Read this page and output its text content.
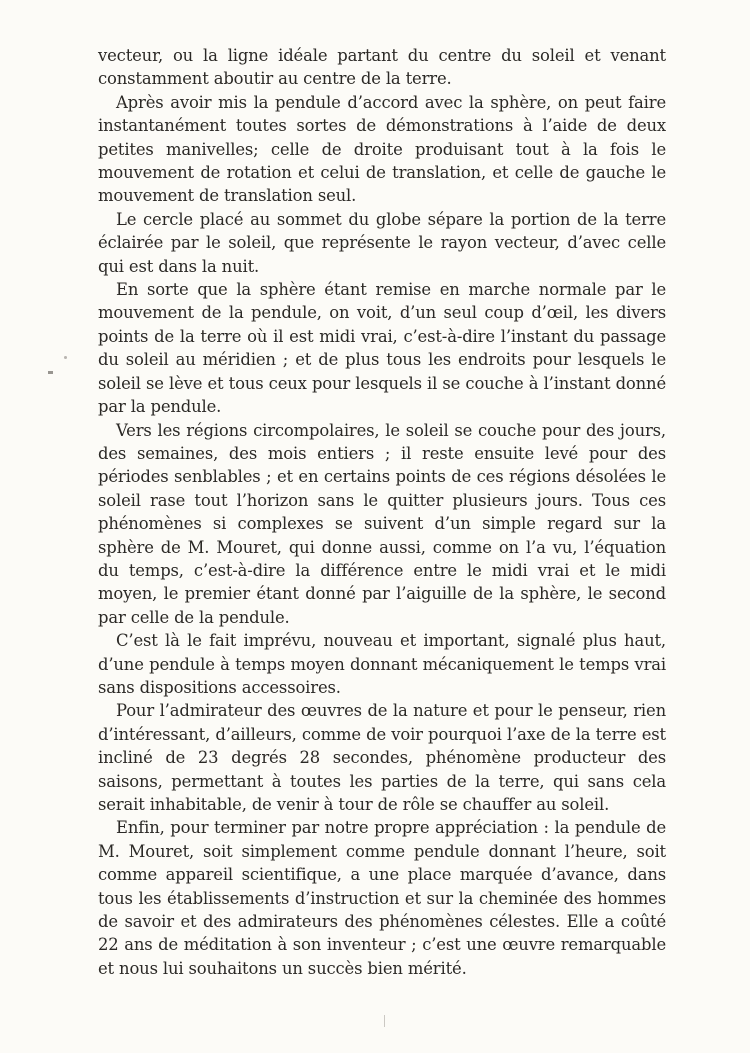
vecteur, ou la ligne idéale partant du centre du soleil et venant constamment aboutir au centre de la terre.

Après avoir mis la pendule d’accord avec la sphère, on peut faire instantanément toutes sortes de démonstrations à l’aide de deux petites manivelles; celle de droite produisant tout à la fois le mouvement de rotation et celui de translation, et celle de gauche le mouvement de translation seul.

Le cercle placé au sommet du globe sépare la portion de la terre éclairée par le soleil, que représente le rayon vecteur, d’avec celle qui est dans la nuit.

En sorte que la sphère étant remise en marche normale par le mouvement de la pendule, on voit, d’un seul coup d’œil, les divers points de la terre où il est midi vrai, c’est-à-dire l’instant du passage du soleil au méridien ; et de plus tous les endroits pour lesquels le soleil se lève et tous ceux pour lesquels il se couche à l’instant donné par la pendule.

Vers les régions circompolaires, le soleil se couche pour des jours, des semaines, des mois entiers ; il reste ensuite levé pour des périodes senblables ; et en certains points de ces régions désolées le soleil rase tout l’horizon sans le quitter plusieurs jours. Tous ces phénomènes si complexes se suivent d’un simple regard sur la sphère de M. Mouret, qui donne aussi, comme on l’a vu, l’équation du temps, c’est-à-dire la différence entre le midi vrai et le midi moyen, le premier étant donné par l’aiguille de la sphère, le second par celle de la pendule.

C’est là le fait imprévu, nouveau et important, signalé plus haut, d’une pendule à temps moyen donnant mécaniquement le temps vrai sans dispositions accessoires.

Pour l’admirateur des œuvres de la nature et pour le penseur, rien d’intéressant, d’ailleurs, comme de voir pourquoi l’axe de la terre est incliné de 23 degrés 28 secondes, phénomène producteur des saisons, permettant à toutes les parties de la terre, qui sans cela serait inhabitable, de venir à tour de rôle se chauffer au soleil.

Enfin, pour terminer par notre propre appréciation : la pendule de M. Mouret, soit simplement comme pendule donnant l’heure, soit comme appareil scientifique, a une place marquée d’avance, dans tous les établissements d’instruction et sur la cheminée des hommes de savoir et des admirateurs des phénomènes célestes. Elle a coûté 22 ans de méditation à son inventeur ; c’est une œuvre remarquable et nous lui souhaitons un succès bien mérité.
